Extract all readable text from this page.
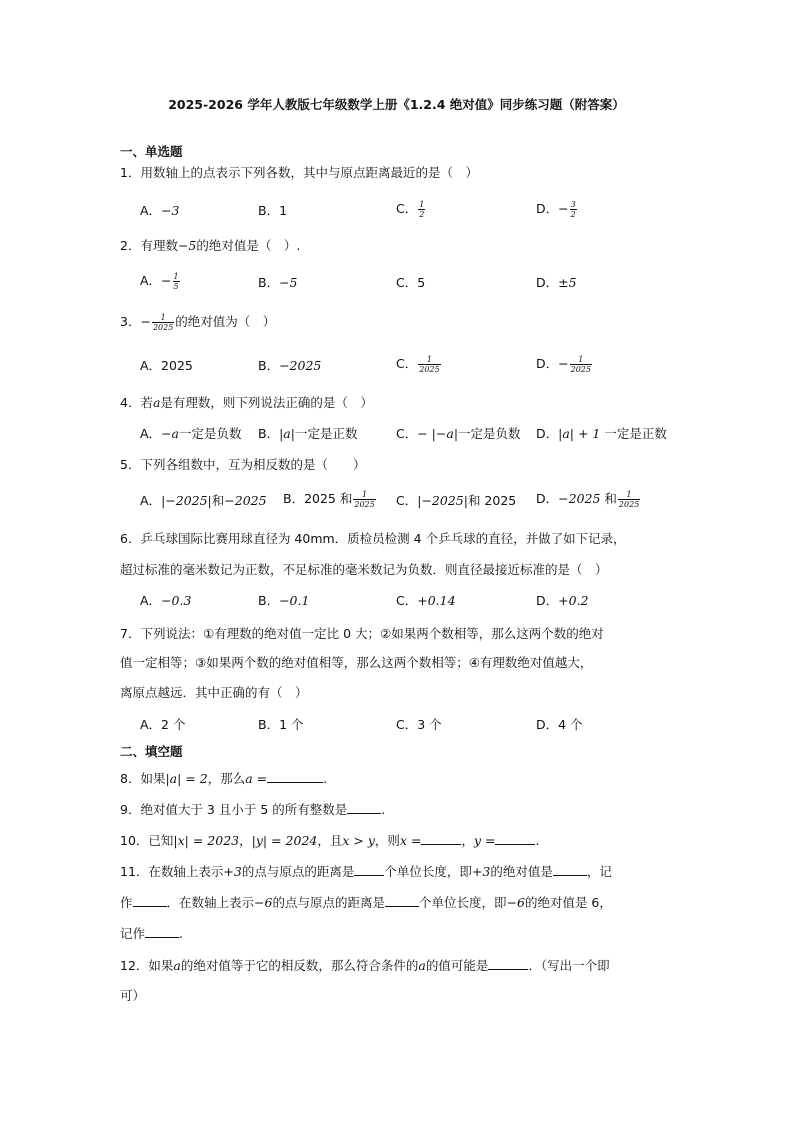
2025-2026 学年人教版七年级数学上册《1.2.4 绝对值》同步练习题（附答案）
一、单选题
1．用数轴上的点表示下列各数，其中与原点距离最近的是（　）
A．−3	B．1	C． $\frac{1}{2}$	D．− $\frac{3}{2}$
2．有理数−5的绝对值是（　）.
A．− $\frac{1}{5}$	B．−5	C．5	D．±5
3．− $\frac{1}{2025}$ 的绝对值为（　）
A．2025	B．−2025	C． $\frac{1}{2025}$	D．− $\frac{1}{2025}$
4．若a是有理数，则下列说法正确的是（　）
A．−a一定是负数 B．|a|一定是正数	C．− |−a|一定是负数 D．|a| + 1 一定是正数
5．下列各组数中，互为相反数的是（　　）
A．|−2025|和−2025 B．2025 和 $\frac{1}{2025}$ C．|−2025|和 2025 D．−2025 和 $\frac{1}{2025}$
6．乒乓球国际比赛用球直径为 40mm．质检员检测 4 个乒乓球的直径，并做了如下记录，
超过标准的毫米数记为正数，不足标准的毫米数记为负数．则直径最接近标准的是（　）
A．−0.3	B．−0.1	C．+0.14	D．+0.2
7．下列说法：①有理数的绝对值一定比 0 大；②如果两个数相等，那么这两个数的绝对
值一定相等；③如果两个数的绝对值相等，那么这两个数相等；④有理数绝对值越大，
离原点越远．其中正确的有（　）
A．2 个	B．1 个	C．3 个	D．4 个
二、填空题
8．如果|a| = 2，那么a =	.
9．绝对值大于 3 且小于 5 的所有整数是	.
10．已知|x| = 2023，|y| = 2024，且x > y，则x =	，y =	.
11．在数轴上表示+3的点与原点的距离是 个单位长度，即+3的绝对值是	，记
作	．在数轴上表示−6的点与原点的距离是	个单位长度，即−6的绝对值是 6，
记作	.
12．如果a的绝对值等于它的相反数，那么符合条件的a的值可能是	．（写出一个即
可）
